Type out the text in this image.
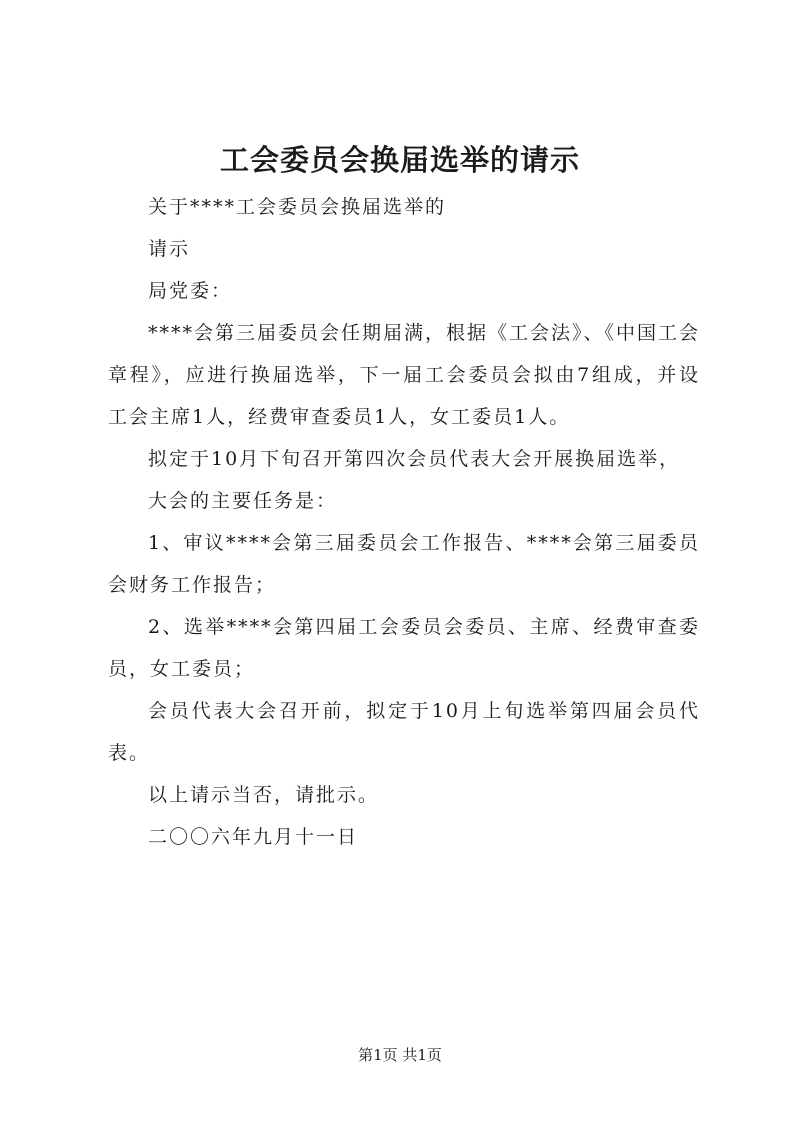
工会委员会换届选举的请示

关于****工会委员会换届选举的

请示

局党委：

****会第三届委员会任期届满，根据《工会法》、《中国工会章程》，应进行换届选举，下一届工会委员会拟由7组成，并设工会主席1人，经费审查委员1人，女工委员1人。

拟定于10月下旬召开第四次会员代表大会开展换届选举，

大会的主要任务是：

1、审议****会第三届委员会工作报告、****会第三届委员会财务工作报告；

2、选举****会第四届工会委员会委员、主席、经费审查委员，女工委员；

会员代表大会召开前，拟定于10月上旬选举第四届会员代表。

以上请示当否，请批示。

二〇〇六年九月十一日

第1页 共1页
